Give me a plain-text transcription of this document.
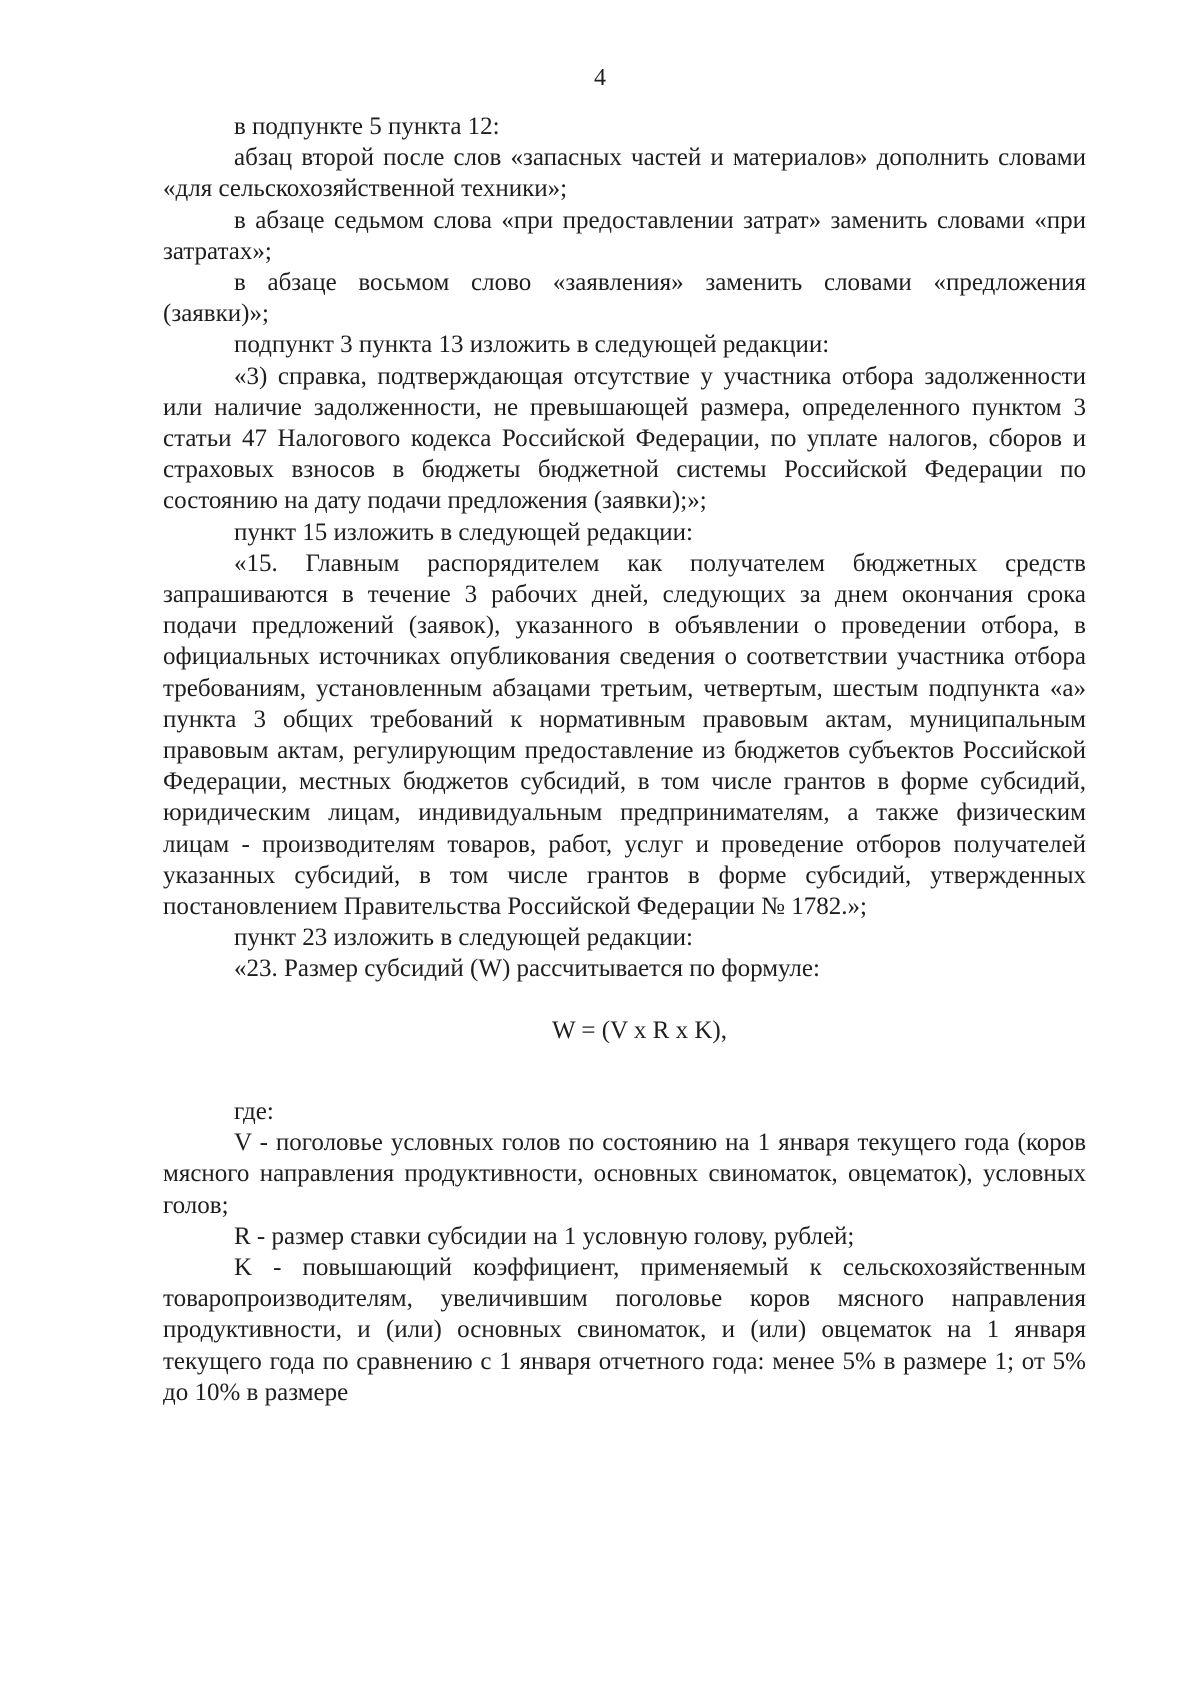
4

в подпункте 5 пункта 12:

абзац второй после слов «запасных частей и материалов» дополнить словами «для сельскохозяйственной техники»;

в абзаце седьмом слова «при предоставлении затрат» заменить словами «при затратах»;

в абзаце восьмом слово «заявления» заменить словами «предложения (заявки)»;

подпункт 3 пункта 13 изложить в следующей редакции:

«3) справка, подтверждающая отсутствие у участника отбора задолженности или наличие задолженности, не превышающей размера, определенного пунктом 3 статьи 47 Налогового кодекса Российской Федерации, по уплате налогов, сборов и страховых взносов в бюджеты бюджетной системы Российской Федерации по состоянию на дату подачи предложения (заявки);»;

пункт 15 изложить в следующей редакции:

«15. Главным распорядителем как получателем бюджетных средств запрашиваются в течение 3 рабочих дней, следующих за днем окончания срока подачи предложений (заявок), указанного в объявлении о проведении отбора, в официальных источниках опубликования сведения о соответствии участника отбора требованиям, установленным абзацами третьим, четвертым, шестым подпункта «а» пункта 3 общих требований к нормативным правовым актам, муниципальным правовым актам, регулирующим предоставление из бюджетов субъектов Российской Федерации, местных бюджетов субсидий, в том числе грантов в форме субсидий, юридическим лицам, индивидуальным предпринимателям, а также физическим лицам - производителям товаров, работ, услуг и проведение отборов получателей указанных субсидий, в том числе грантов в форме субсидий, утвержденных постановлением Правительства Российской Федерации № 1782.»;

пункт 23 изложить в следующей редакции:

«23. Размер субсидий (W) рассчитывается по формуле:

W = (V x R x K),

где:

V - поголовье условных голов по состоянию на 1 января текущего года (коров мясного направления продуктивности, основных свиноматок, овцематок), условных голов;

R - размер ставки субсидии на 1 условную голову, рублей;

K - повышающий коэффициент, применяемый к сельскохозяйственным товаропроизводителям, увеличившим поголовье коров мясного направления продуктивности, и (или) основных свиноматок, и (или) овцематок на 1 января текущего года по сравнению с 1 января отчетного года: менее 5% в размере 1; от 5% до 10% в размере
